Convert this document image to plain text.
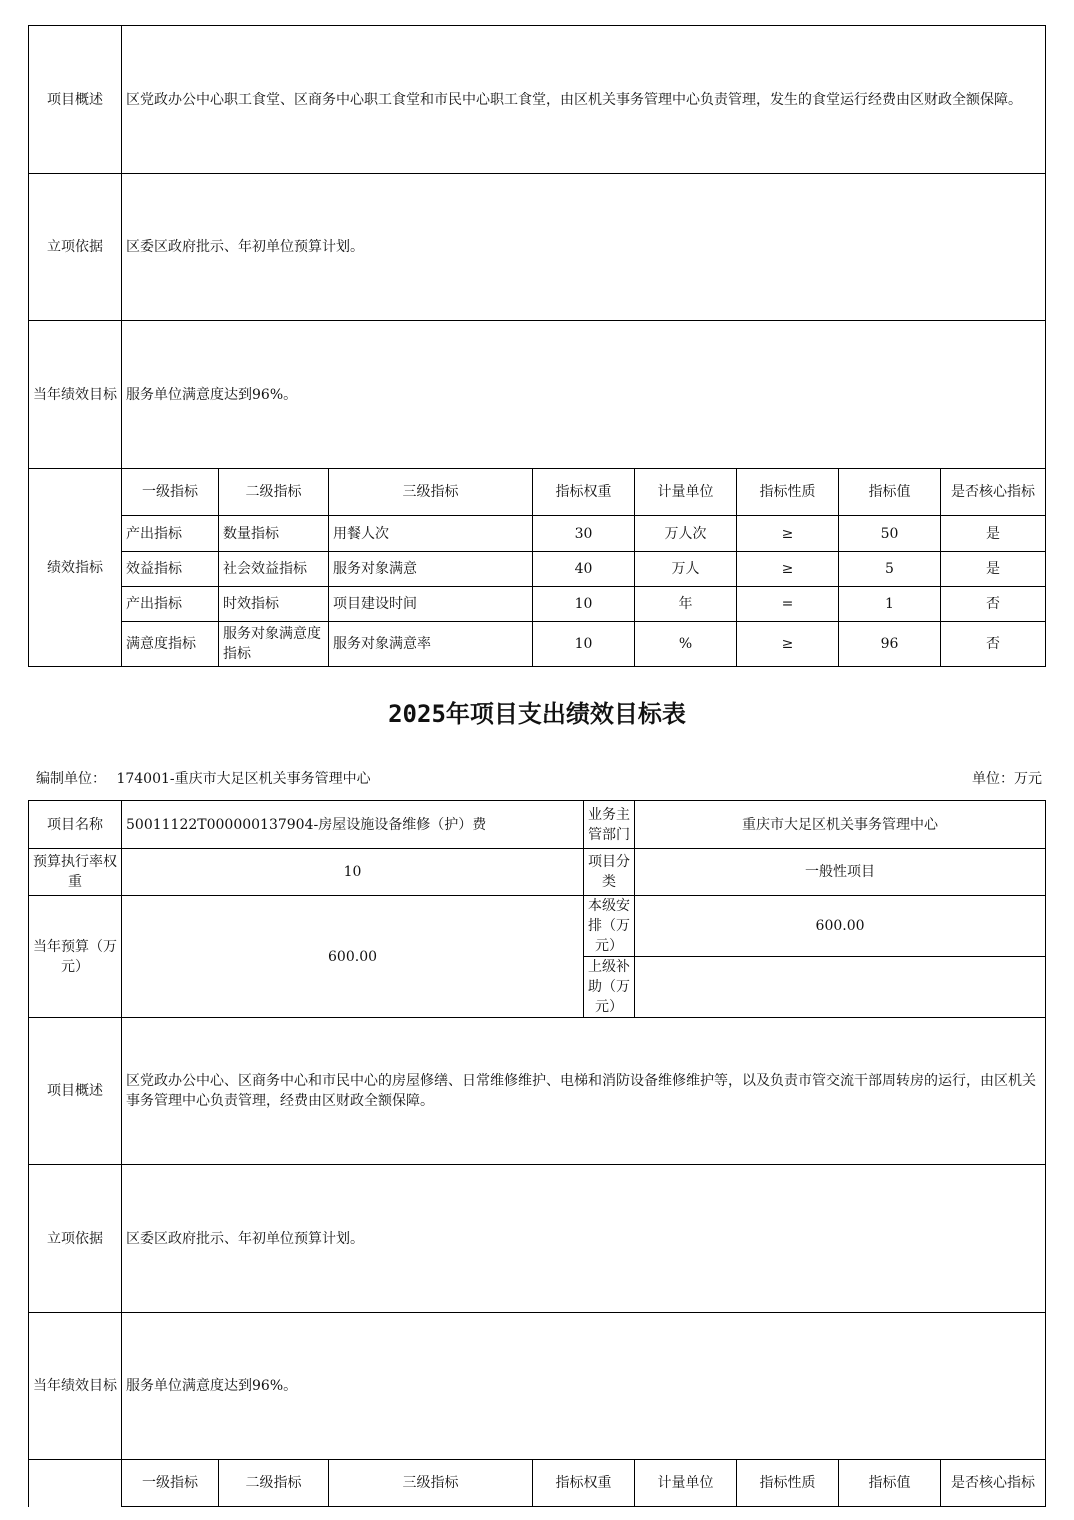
项目概述	区党政办公中心职工食堂、区商务中心职工食堂和市民中心职工食堂，由区机关事务管理中心负责管理，发生的食堂运行经费由区财政全额保障。							
立项依据	区委区政府批示、年初单位预算计划。							
当年绩效目标	服务单位满意度达到96%。							
绩效指标	一级指标	二级指标	三级指标	指标权重	计量单位	指标性质	指标值	是否核心指标
	产出指标	数量指标	用餐人次	30	万人次	≥	50	是
	效益指标	社会效益指标	服务对象满意	40	万人	≥	5	是
	产出指标	时效指标	项目建设时间	10	年	=	1	否
	满意度指标	服务对象满意度指标	服务对象满意率	10	%	≥	96	否
2025年项目支出绩效目标表
编制单位： 174001-重庆市大足区机关事务管理中心	单位：万元
项目名称	50011122T000000137904-房屋设施设备维修（护）费				业务主管部门	重庆市大足区机关事务管理中心			
预算执行率权重	10				项目分类	一般性项目			
当年预算（万元）	600.00				本级安排（万元）	600.00			
					上级补助（万元）				
项目概述	区党政办公中心、区商务中心和市民中心的房屋修缮、日常维修维护、电梯和消防设备维修维护等，以及负责市管交流干部周转房的运行，由区机关事务管理中心负责管理，经费由区财政全额保障。								
立项依据	区委区政府批示、年初单位预算计划。								
当年绩效目标	服务单位满意度达到96%。								
	一级指标	二级指标	三级指标	指标权重		计量单位	指标性质	指标值	是否核心指标
